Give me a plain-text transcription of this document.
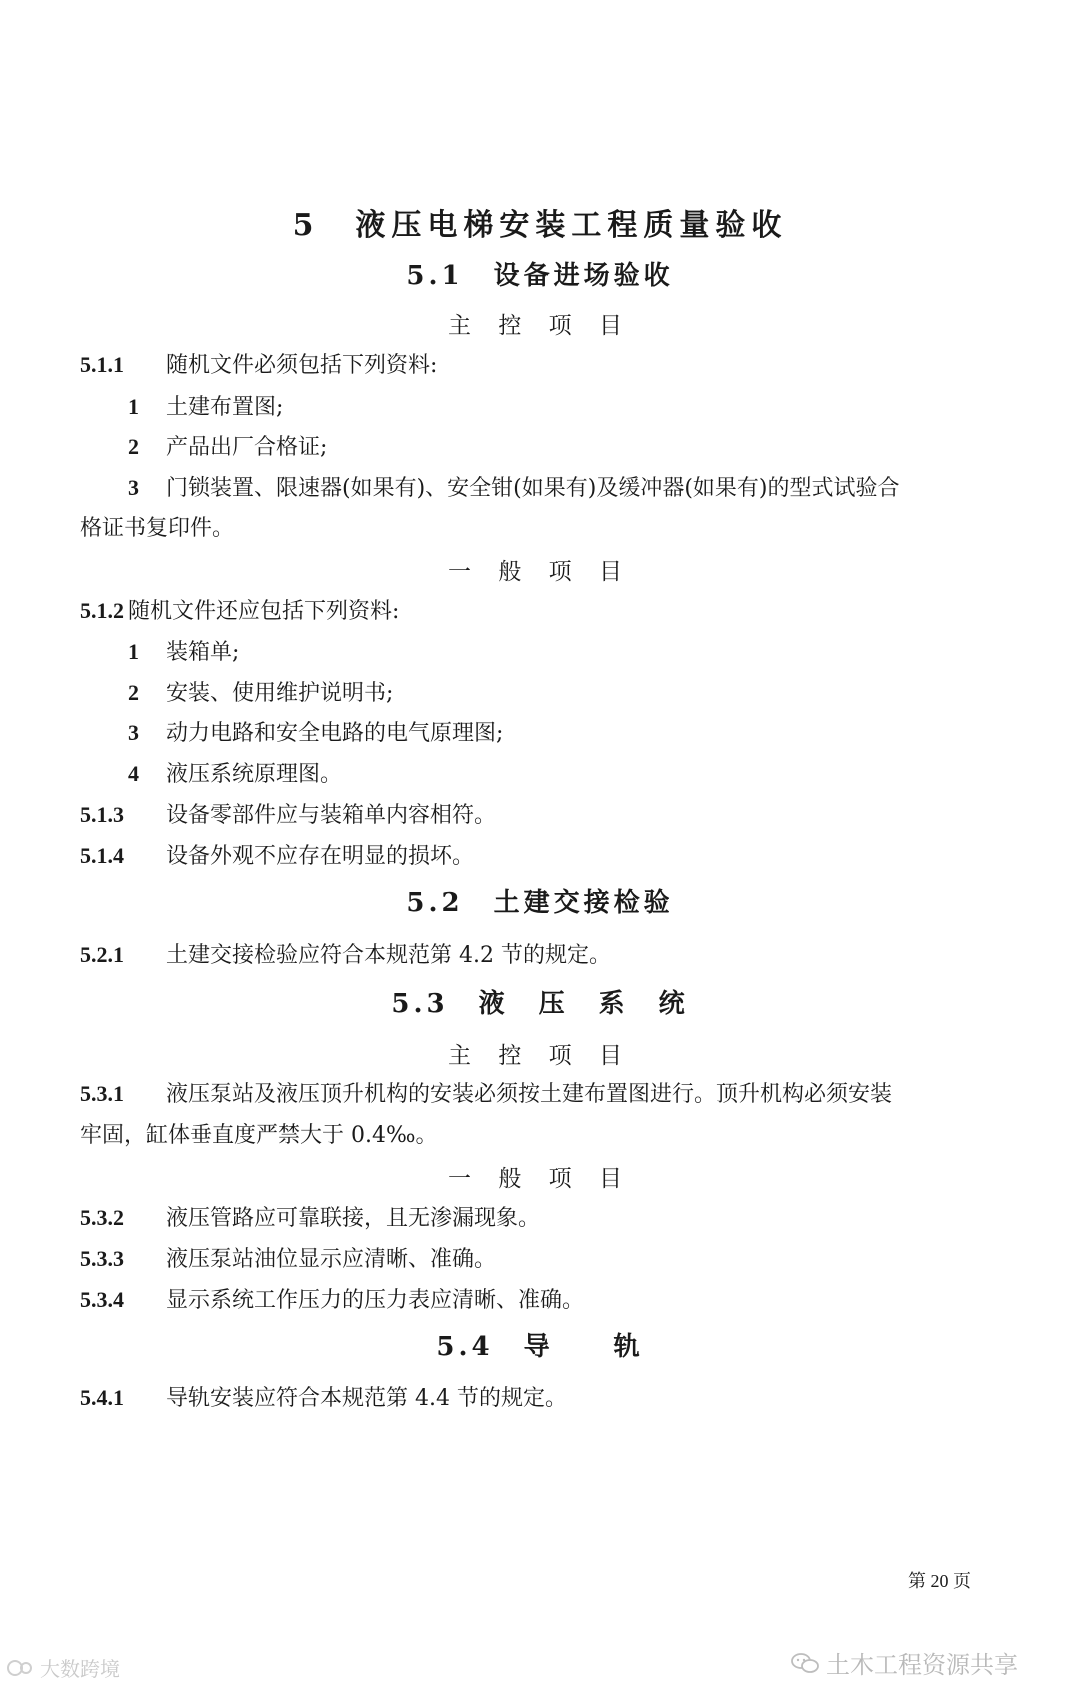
5　液压电梯安装工程质量验收
5.1　设备进场验收
主 控 项 目
5.1.1 随机文件必须包括下列资料:
1 土建布置图;
2 产品出厂合格证;
3 门锁装置、限速器(如果有)、安全钳(如果有)及缓冲器(如果有)的型式试验合
格证书复印件。
一 般 项 目
5.1.2 随机文件还应包括下列资料:
1 装箱单;
2 安装、使用维护说明书;
3 动力电路和安全电路的电气原理图;
4 液压系统原理图。
5.1.3 设备零部件应与装箱单内容相符。
5.1.4 设备外观不应存在明显的损坏。
5.2　土建交接检验
5.2.1 土建交接检验应符合本规范第 4.2 节的规定。
5.3　液　压　系　统
主 控 项 目
5.3.1 液压泵站及液压顶升机构的安装必须按土建布置图进行。顶升机构必须安装
牢固，缸体垂直度严禁大于 0.4‰。
一 般 项 目
5.3.2 液压管路应可靠联接，且无渗漏现象。
5.3.3 液压泵站油位显示应清晰、准确。
5.3.4 显示系统工作压力的压力表应清晰、准确。
5.4　导　　轨
5.4.1 导轨安装应符合本规范第 4.4 节的规定。
第 20 页
大数跨境	土木工程资源共享
